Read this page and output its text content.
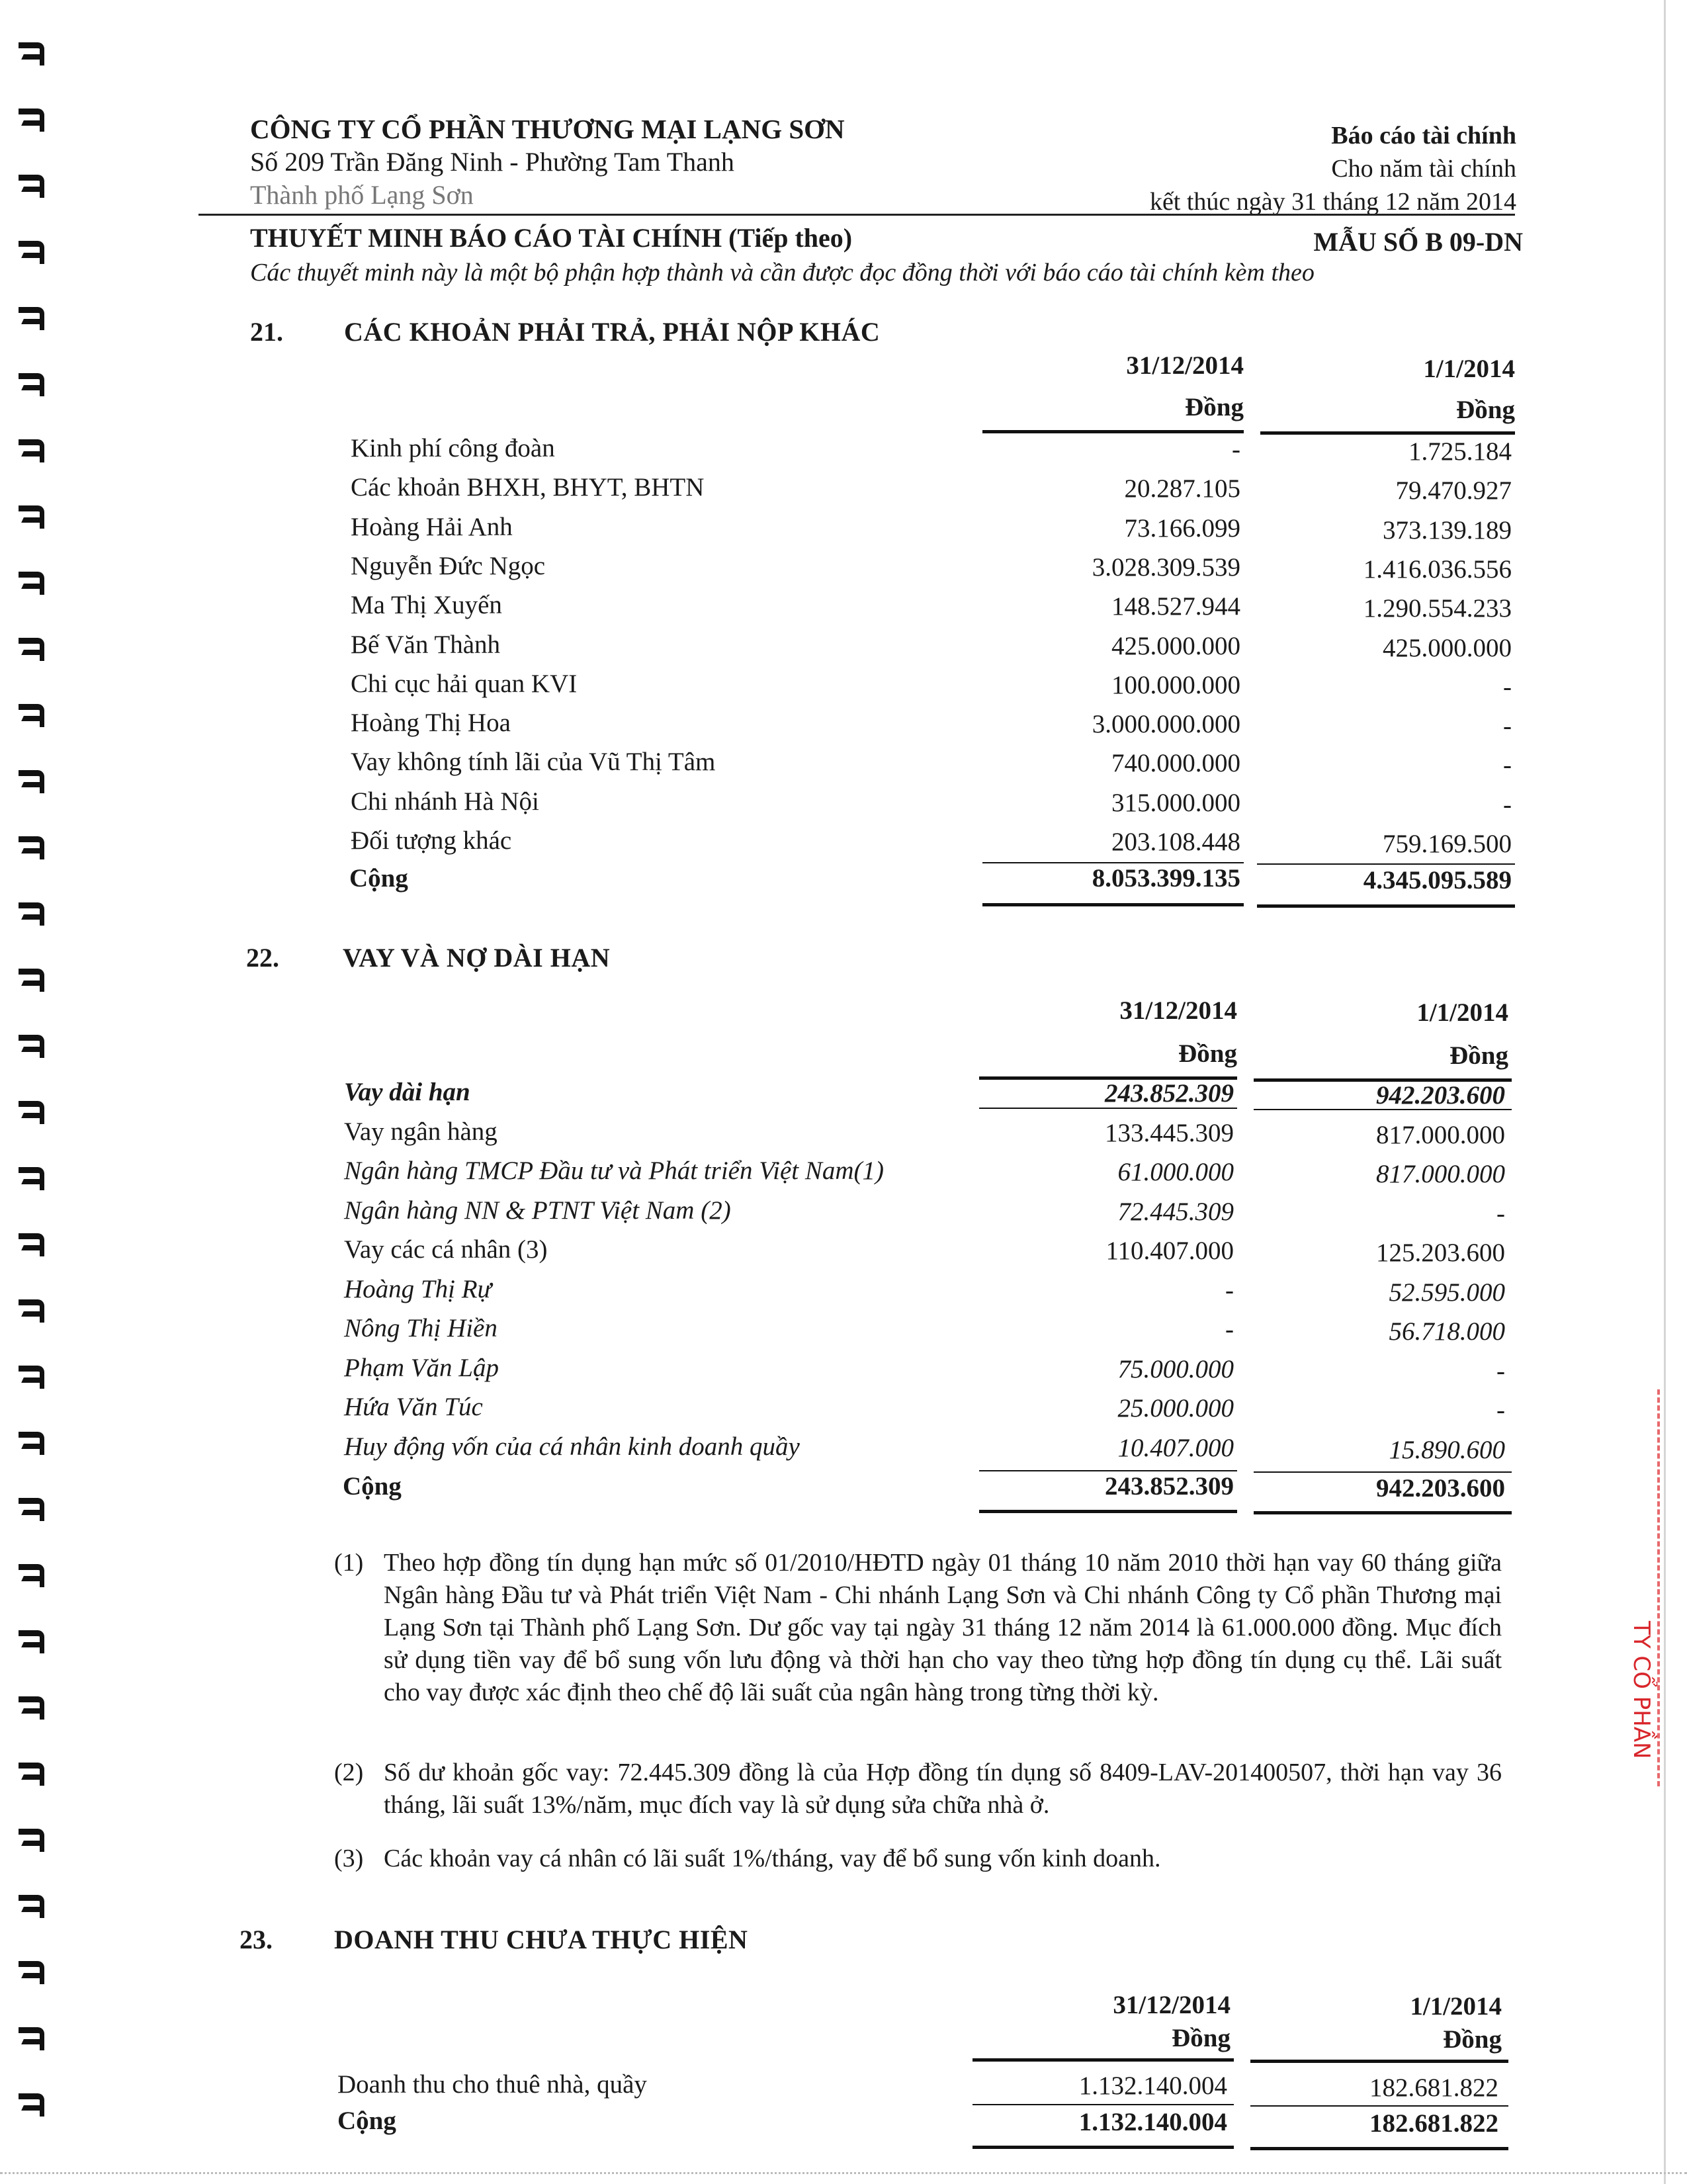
TY CỔ PHẦN
CÔNG TY CỔ PHẦN THƯƠNG MẠI LẠNG SƠN
Số 209 Trần Đăng Ninh - Phường Tam Thanh
Thành phố Lạng Sơn
Báo cáo tài chính
Cho năm tài chính
kết thúc ngày 31 tháng 12 năm 2014
THUYẾT MINH BÁO CÁO TÀI CHÍNH (Tiếp theo)	MẪU SỐ B 09-DN
Các thuyết minh này là một bộ phận hợp thành và cần được đọc đồng thời với báo cáo tài chính kèm theo
21. CÁC KHOẢN PHẢI TRẢ, PHẢI NỘP KHÁC
31/12/2014	1/1/2014
Đồng	Đồng
Kinh phí công đoàn	-	1.725.184
Các khoản BHXH, BHYT, BHTN	20.287.105	79.470.927
Hoàng Hải Anh	73.166.099	373.139.189
Nguyễn Đức Ngọc	3.028.309.539	1.416.036.556
Ma Thị Xuyến	148.527.944	1.290.554.233
Bế Văn Thành	425.000.000	425.000.000
Chi cục hải quan KVI	100.000.000	-
Hoàng Thị Hoa	3.000.000.000	-
Vay không tính lãi của Vũ Thị Tâm	740.000.000	-
Chi nhánh Hà Nội	315.000.000	-
Đối tượng khác	203.108.448	759.169.500
Cộng	8.053.399.135	4.345.095.589
22. VAY VÀ NỢ DÀI HẠN
31/12/2014	1/1/2014
Đồng	Đồng
Vay dài hạn	243.852.309	942.203.600
Vay ngân hàng	133.445.309	817.000.000
Ngân hàng TMCP Đầu tư và Phát triển Việt Nam(1)	61.000.000	817.000.000
Ngân hàng NN & PTNT Việt Nam (2)	72.445.309	-
Vay các cá nhân (3)	110.407.000	125.203.600
Hoàng Thị Rự	-	52.595.000
Nông Thị Hiền	-	56.718.000
Phạm Văn Lập	75.000.000	-
Hứa Văn Túc	25.000.000	-
Huy động vốn của cá nhân kinh doanh quầy	10.407.000	15.890.600
Cộng	243.852.309	942.203.600
(1) Theo hợp đồng tín dụng hạn mức số 01/2010/HĐTD ngày 01 tháng 10 năm 2010 thời hạn vay 60 tháng giữa Ngân hàng Đầu tư và Phát triển Việt Nam - Chi nhánh Lạng Sơn và Chi nhánh Công ty Cổ phần Thương mại Lạng Sơn tại Thành phố Lạng Sơn. Dư gốc vay tại ngày 31 tháng 12 năm 2014 là 61.000.000 đồng. Mục đích sử dụng tiền vay để bổ sung vốn lưu động và thời hạn cho vay theo từng hợp đồng tín dụng cụ thể. Lãi suất cho vay được xác định theo chế độ lãi suất của ngân hàng trong từng thời kỳ.
(2) Số dư khoản gốc vay: 72.445.309 đồng là của Hợp đồng tín dụng số 8409-LAV-201400507, thời hạn vay 36 tháng, lãi suất 13%/năm, mục đích vay là sử dụng sửa chữa nhà ở.
(3) Các khoản vay cá nhân có lãi suất 1%/tháng, vay để bổ sung vốn kinh doanh.
23. DOANH THU CHƯA THỰC HIỆN
31/12/2014	1/1/2014
Đồng	Đồng
Doanh thu cho thuê nhà, quầy	1.132.140.004	182.681.822
Cộng	1.132.140.004	182.681.822
